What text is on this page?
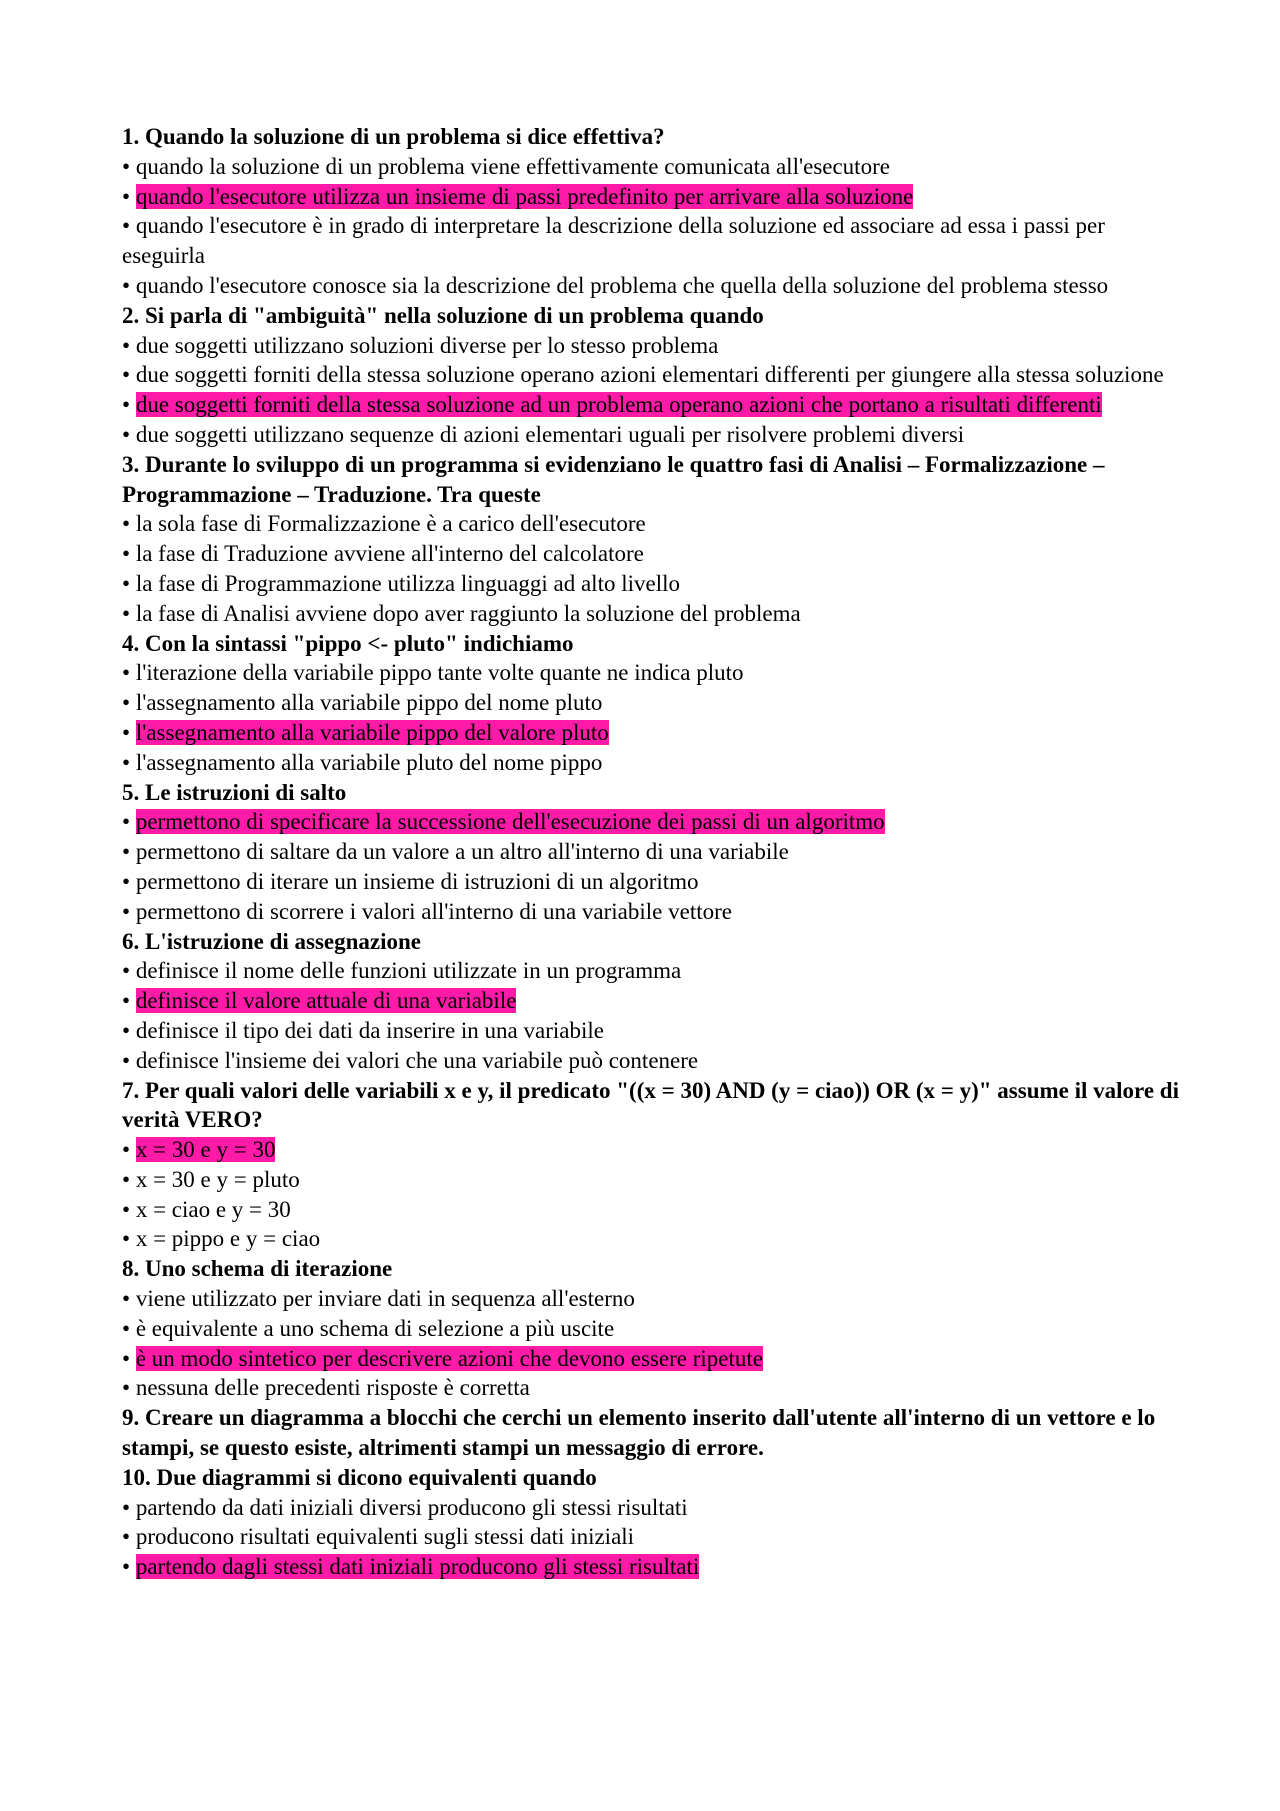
1. Quando la soluzione di un problema si dice effettiva?
• quando la soluzione di un problema viene effettivamente comunicata all'esecutore
• quando l'esecutore utilizza un insieme di passi predefinito per arrivare alla soluzione
• quando l'esecutore è in grado di interpretare la descrizione della soluzione ed associare ad essa i passi per eseguirla
• quando l'esecutore conosce sia la descrizione del problema che quella della soluzione del problema stesso
2. Si parla di "ambiguità" nella soluzione di un problema quando
• due soggetti utilizzano soluzioni diverse per lo stesso problema
• due soggetti forniti della stessa soluzione operano azioni elementari differenti per giungere alla stessa soluzione
• due soggetti forniti della stessa soluzione ad un problema operano azioni che portano a risultati differenti
• due soggetti utilizzano sequenze di azioni elementari uguali per risolvere problemi diversi
3. Durante lo sviluppo di un programma si evidenziano le quattro fasi di Analisi – Formalizzazione – Programmazione – Traduzione. Tra queste
• la sola fase di Formalizzazione è a carico dell'esecutore
• la fase di Traduzione avviene all'interno del calcolatore
• la fase di Programmazione utilizza linguaggi ad alto livello
• la fase di Analisi avviene dopo aver raggiunto la soluzione del problema
4. Con la sintassi "pippo <- pluto" indichiamo
• l'iterazione della variabile pippo tante volte quante ne indica pluto
• l'assegnamento alla variabile pippo del nome pluto
• l'assegnamento alla variabile pippo del valore pluto
• l'assegnamento alla variabile pluto del nome pippo
5. Le istruzioni di salto
• permettono di specificare la successione dell'esecuzione dei passi di un algoritmo
• permettono di saltare da un valore a un altro all'interno di una variabile
• permettono di iterare un insieme di istruzioni di un algoritmo
• permettono di scorrere i valori all'interno di una variabile vettore
6. L'istruzione di assegnazione
• definisce il nome delle funzioni utilizzate in un programma
• definisce il valore attuale di una variabile
• definisce il tipo dei dati da inserire in una variabile
• definisce l'insieme dei valori che una variabile può contenere
7. Per quali valori delle variabili x e y, il predicato "((x = 30) AND (y = ciao)) OR (x = y)" assume il valore di verità VERO?
• x = 30 e y = 30
• x = 30 e y = pluto
• x = ciao e y = 30
• x = pippo e y = ciao
8. Uno schema di iterazione
• viene utilizzato per inviare dati in sequenza all'esterno
• è equivalente a uno schema di selezione a più uscite
• è un modo sintetico per descrivere azioni che devono essere ripetute
• nessuna delle precedenti risposte è corretta
9. Creare un diagramma a blocchi che cerchi un elemento inserito dall'utente all'interno di un vettore e lo stampi, se questo esiste, altrimenti stampi un messaggio di errore.
10. Due diagrammi si dicono equivalenti quando
• partendo da dati iniziali diversi producono gli stessi risultati
• producono risultati equivalenti sugli stessi dati iniziali
• partendo dagli stessi dati iniziali producono gli stessi risultati
